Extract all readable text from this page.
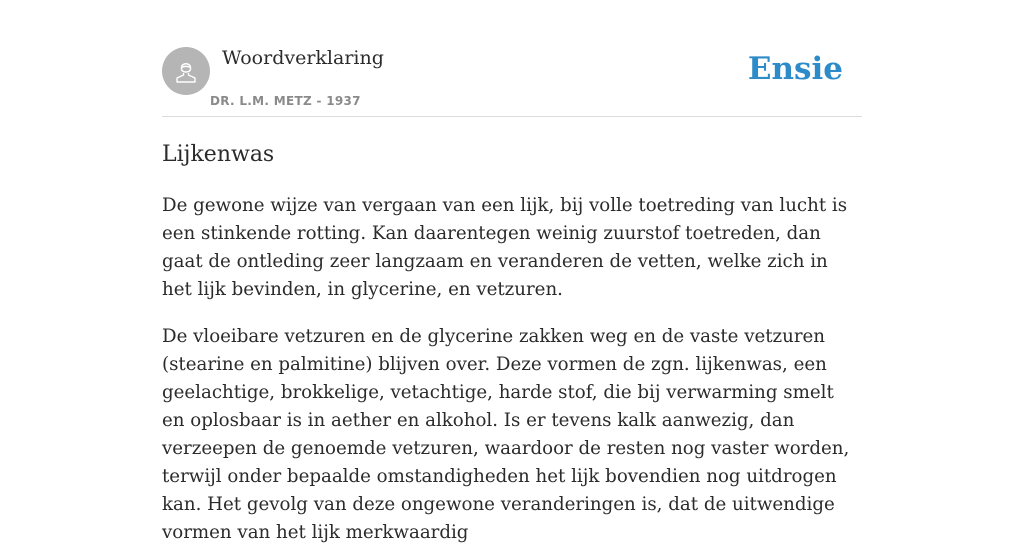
Woordverklaring
DR. L.M. METZ - 1937
Ensie
Lijkenwas

De gewone wijze van vergaan van een lijk, bij volle toetreding van lucht is een stinkende rotting. Kan daarentegen weinig zuurstof toetreden, dan gaat de ontleding zeer langzaam en veranderen de vetten, welke zich in het lijk bevinden, in glycerine, en vetzuren.

De vloeibare vetzuren en de glycerine zakken weg en de vaste vetzuren (stearine en palmitine) blijven over. Deze vormen de zgn. lijkenwas, een geelachtige, brokkelige, vetachtige, harde stof, die bij verwarming smelt en oplosbaar is in aether en alkohol. Is er tevens kalk aanwezig, dan verzeepen de genoemde vetzuren, waardoor de resten nog vaster worden, terwijl onder bepaalde omstandigheden het lijk bovendien nog uitdrogen kan. Het gevolg van deze ongewone veranderingen is, dat de uitwendige vormen van het lijk merkwaardig
